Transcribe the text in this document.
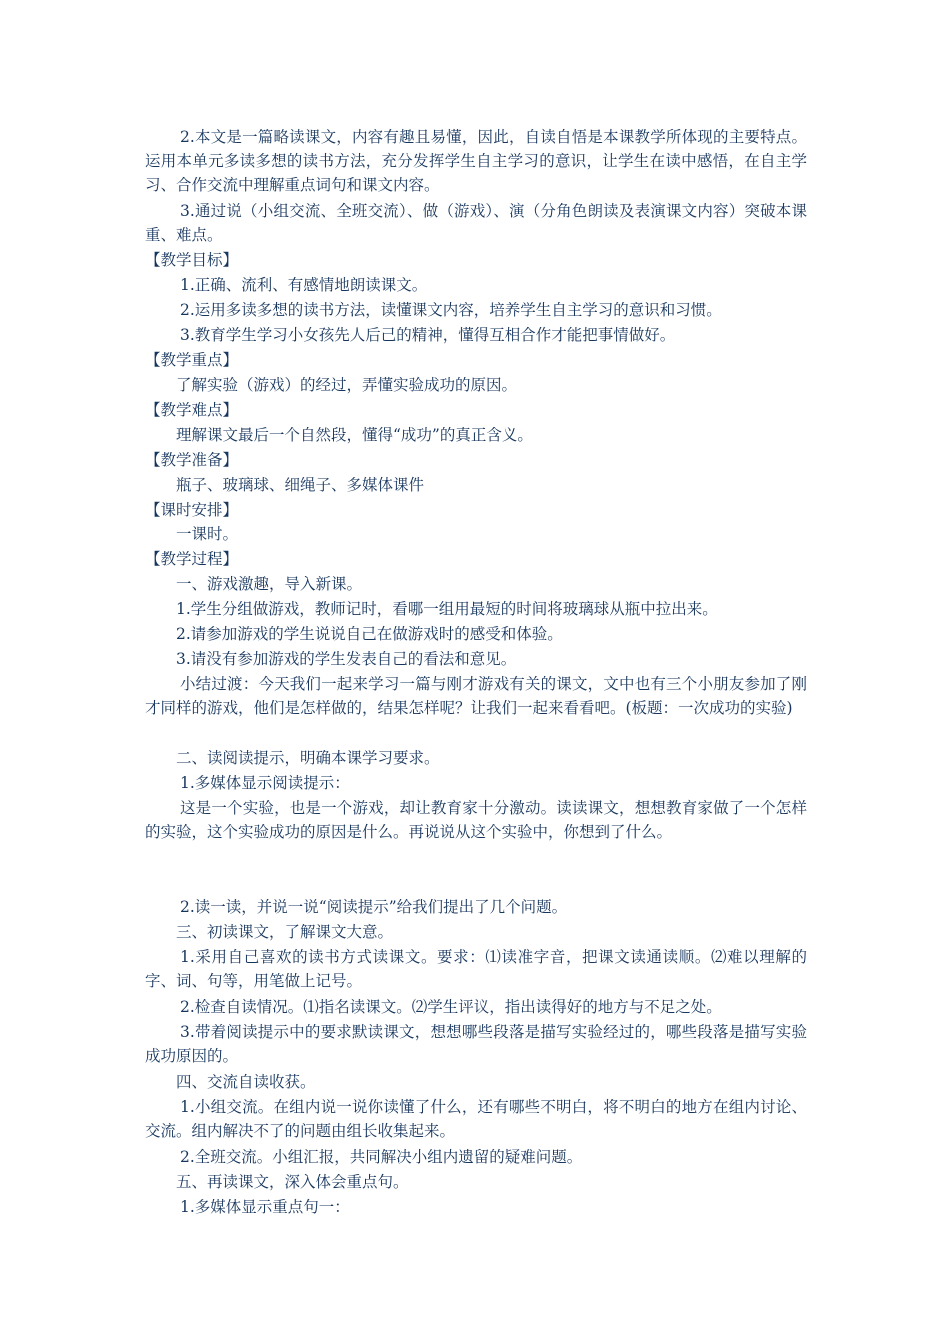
2.本文是一篇略读课文，内容有趣且易懂，因此，自读自悟是本课教学所体现的主要特点。运用本单元多读多想的读书方法，充分发挥学生自主学习的意识，让学生在读中感悟，在自主学习、合作交流中理解重点词句和课文内容。
3.通过说（小组交流、全班交流）、做（游戏）、演（分角色朗读及表演课文内容）突破本课重、难点。
【教学目标】
1.正确、流利、有感情地朗读课文。
2.运用多读多想的读书方法，读懂课文内容，培养学生自主学习的意识和习惯。
3.教育学生学习小女孩先人后己的精神，懂得互相合作才能把事情做好。
【教学重点】
了解实验（游戏）的经过，弄懂实验成功的原因。
【教学难点】
理解课文最后一个自然段，懂得“成功”的真正含义。
【教学准备】
瓶子、玻璃球、细绳子、多媒体课件
【课时安排】
一课时。
【教学过程】
一、游戏激趣，导入新课。
1.学生分组做游戏，教师记时，看哪一组用最短的时间将玻璃球从瓶中拉出来。
2.请参加游戏的学生说说自己在做游戏时的感受和体验。
3.请没有参加游戏的学生发表自己的看法和意见。
小结过渡：今天我们一起来学习一篇与刚才游戏有关的课文，文中也有三个小朋友参加了刚才同样的游戏，他们是怎样做的，结果怎样呢？让我们一起来看看吧。(板题：一次成功的实验)
二、读阅读提示，明确本课学习要求。
1.多媒体显示阅读提示：
这是一个实验，也是一个游戏，却让教育家十分激动。读读课文，想想教育家做了一个怎样的实验，这个实验成功的原因是什么。再说说从这个实验中，你想到了什么。
2.读一读，并说一说“阅读提示”给我们提出了几个问题。
三、初读课文，了解课文大意。
1.采用自己喜欢的读书方式读课文。要求：⑴读准字音，把课文读通读顺。⑵难以理解的字、词、句等，用笔做上记号。
2.检查自读情况。⑴指名读课文。⑵学生评议，指出读得好的地方与不足之处。
3.带着阅读提示中的要求默读课文，想想哪些段落是描写实验经过的，哪些段落是描写实验成功原因的。
四、交流自读收获。
1.小组交流。在组内说一说你读懂了什么，还有哪些不明白，将不明白的地方在组内讨论、交流。组内解决不了的问题由组长收集起来。
2.全班交流。小组汇报，共同解决小组内遗留的疑难问题。
五、再读课文，深入体会重点句。
1.多媒体显示重点句一：
